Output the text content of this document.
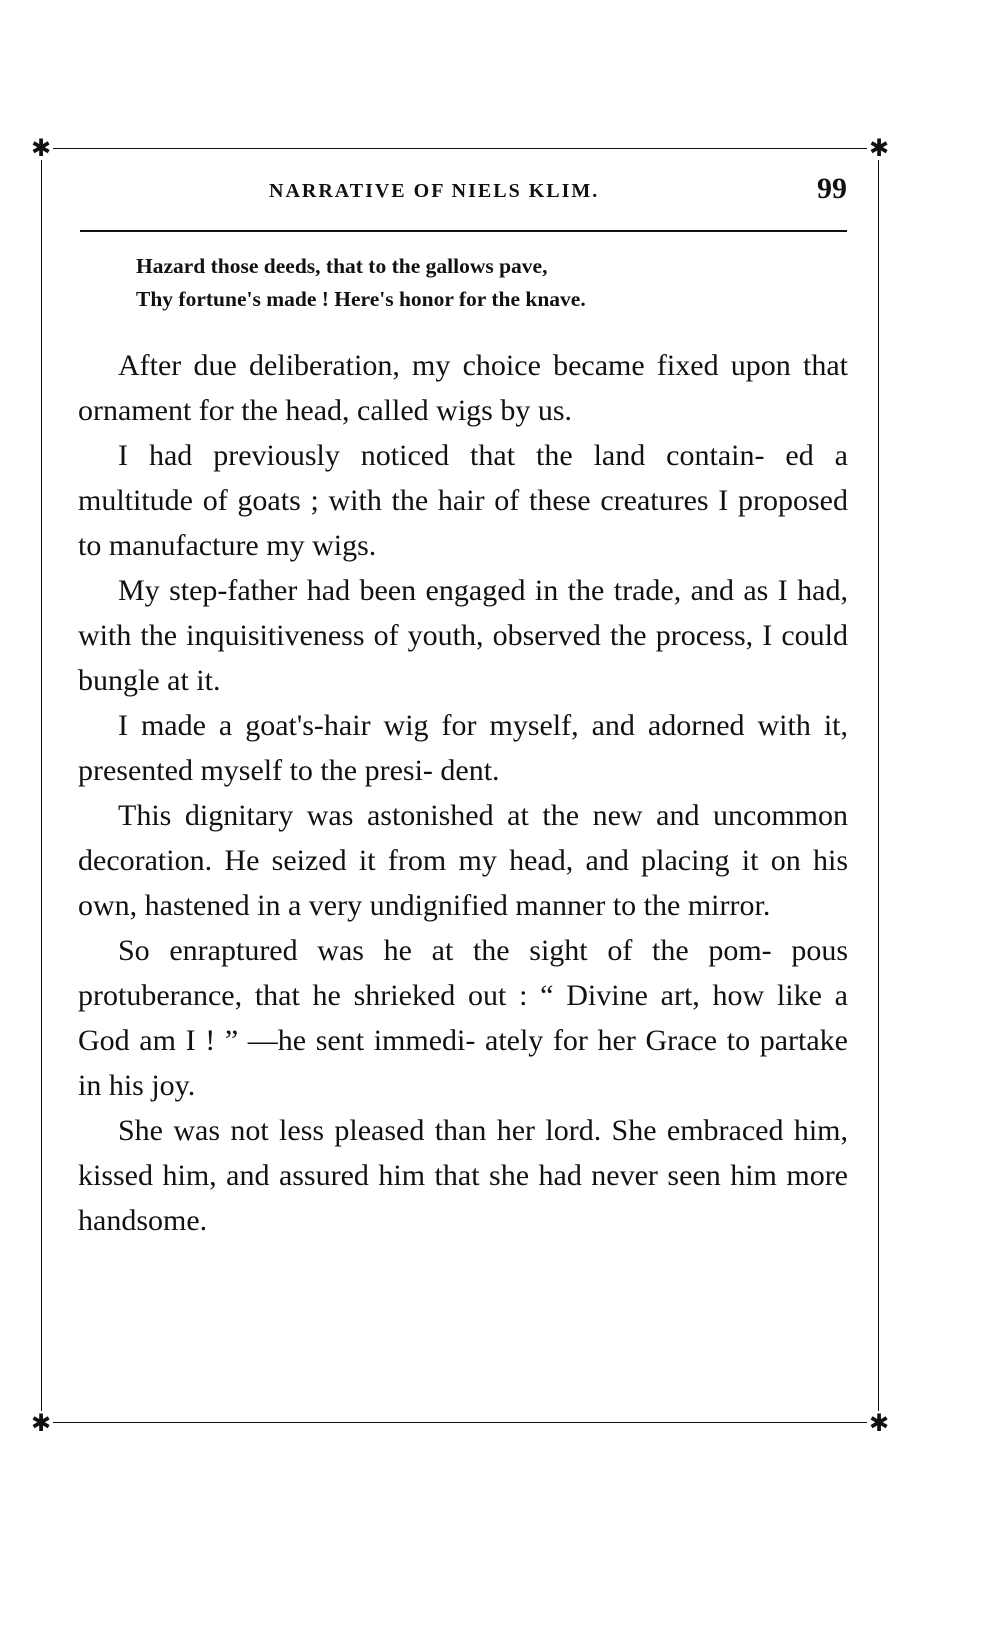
✱	✱
✱	✱
NARRATIVE OF NIELS KLIM.	99
Hazard those deeds, that to the gallows pave,
Thy fortune's made ! Here's honor for the knave.

After due deliberation, my choice became fixed upon that ornament for the head, called wigs by us.

I had previously noticed that the land contain- ed a multitude of goats ; with the hair of these creatures I proposed to manufacture my wigs.

My step-father had been engaged in the trade, and as I had, with the inquisitiveness of youth, observed the process, I could bungle at it.

I made a goat's-hair wig for myself, and adorned with it, presented myself to the presi- dent.

This dignitary was astonished at the new and uncommon decoration. He seized it from my head, and placing it on his own, hastened in a very undignified manner to the mirror.

So enraptured was he at the sight of the pom- pous protuberance, that he shrieked out : “ Divine art, how like a God am I ! ” —he sent immedi- ately for her Grace to partake in his joy.

She was not less pleased than her lord. She embraced him, kissed him, and assured him that she had never seen him more handsome.
